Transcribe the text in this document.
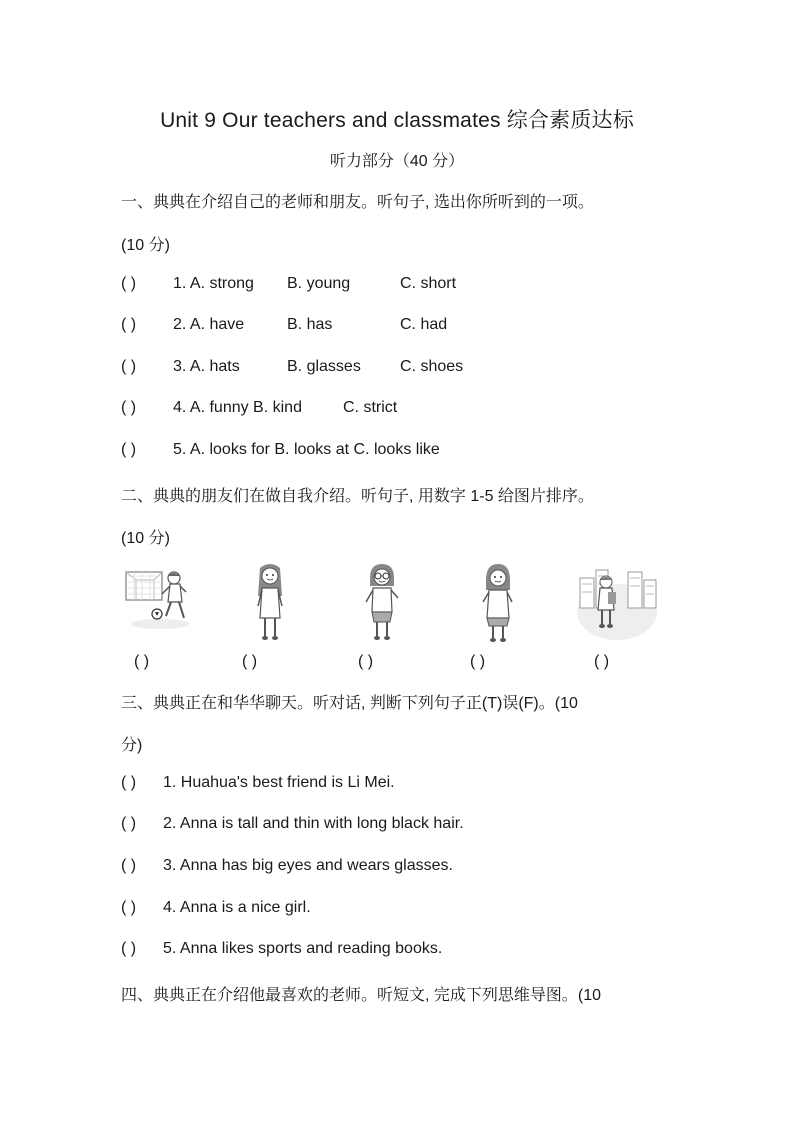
Unit 9 Our teachers and classmates 综合素质达标
听力部分（40 分）
一、典典在介绍自己的老师和朋友。听句子, 选出你所听到的一项。
(10 分)
( ) 1. A. strong B. young	C. short
( ) 2. A. have	B. has	C. had
( ) 3. A. hats	B. glasses C. shoes
( ) 4. A. funny B. kind	C. strict
( ) 5. A. looks for B. looks at C. looks like
二、典典的朋友们在做自我介绍。听句子, 用数字 1-5 给图片排序。
(10 分)
( )	( )	( )	( )	( )
三、典典正在和华华聊天。听对话, 判断下列句子正(T)误(F)。(10
分)
( ) 1. Huahua's best friend is Li Mei.
( ) 2. Anna is tall and thin with long black hair.
( ) 3. Anna has big eyes and wears glasses.
( ) 4. Anna is a nice girl.
( ) 5. Anna likes sports and reading books.
四、典典正在介绍他最喜欢的老师。听短文, 完成下列思维导图。(10
